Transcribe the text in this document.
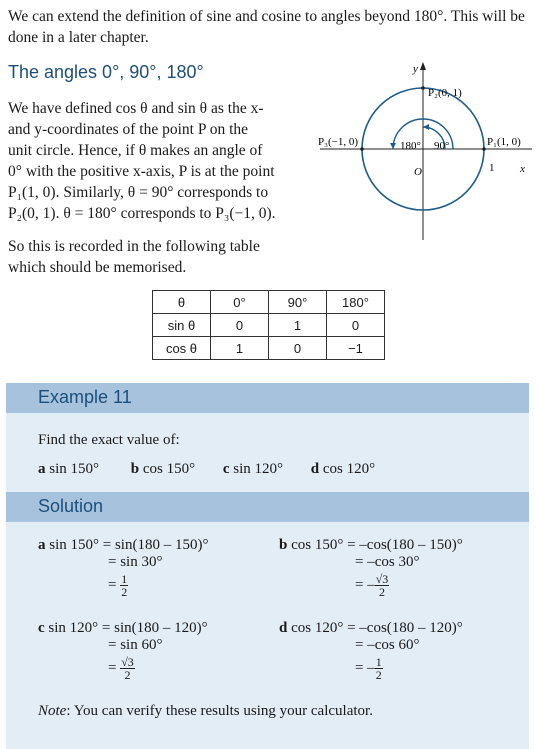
We can extend the definition of sine and cosine to angles beyond 180°. This will be done in a later chapter.
The angles 0°, 90°, 180°
We have defined cos θ and sin θ as the x-
and y-coordinates of the point P on the
unit circle. Hence, if θ makes an angle of
0° with the positive x-axis, P is at the point
P₁(1, 0). Similarly, θ = 90° corresponds to
P₂(0, 1). θ = 180° corresponds to P₃(−1, 0).
So this is recorded in the following table
which should be memorised.
y
x
P₂(0, 1)
P₃(−1, 0)	P₁(1, 0)
O	1
180° 90°
θ	0°	90°	180°
sin θ	0	1	0
cos θ	1	0	−1
Example 11
Find the exact value of:
a sin 150° b cos 150° c sin 120° d cos 120°
Solution
a sin 150° = sin(180 – 150)°
= sin 30°
= $\frac{1}{2}$
b cos 150° = –cos(180 – 150)°
= –cos 30°
= – $\frac{√3}{2}$
c sin 120° = sin(180 – 120)°
= sin 60°
= $\frac{√3}{2}$
d cos 120° = –cos(180 – 120)°
= –cos 60°
= – $\frac{1}{2}$
Note: You can verify these results using your calculator.
